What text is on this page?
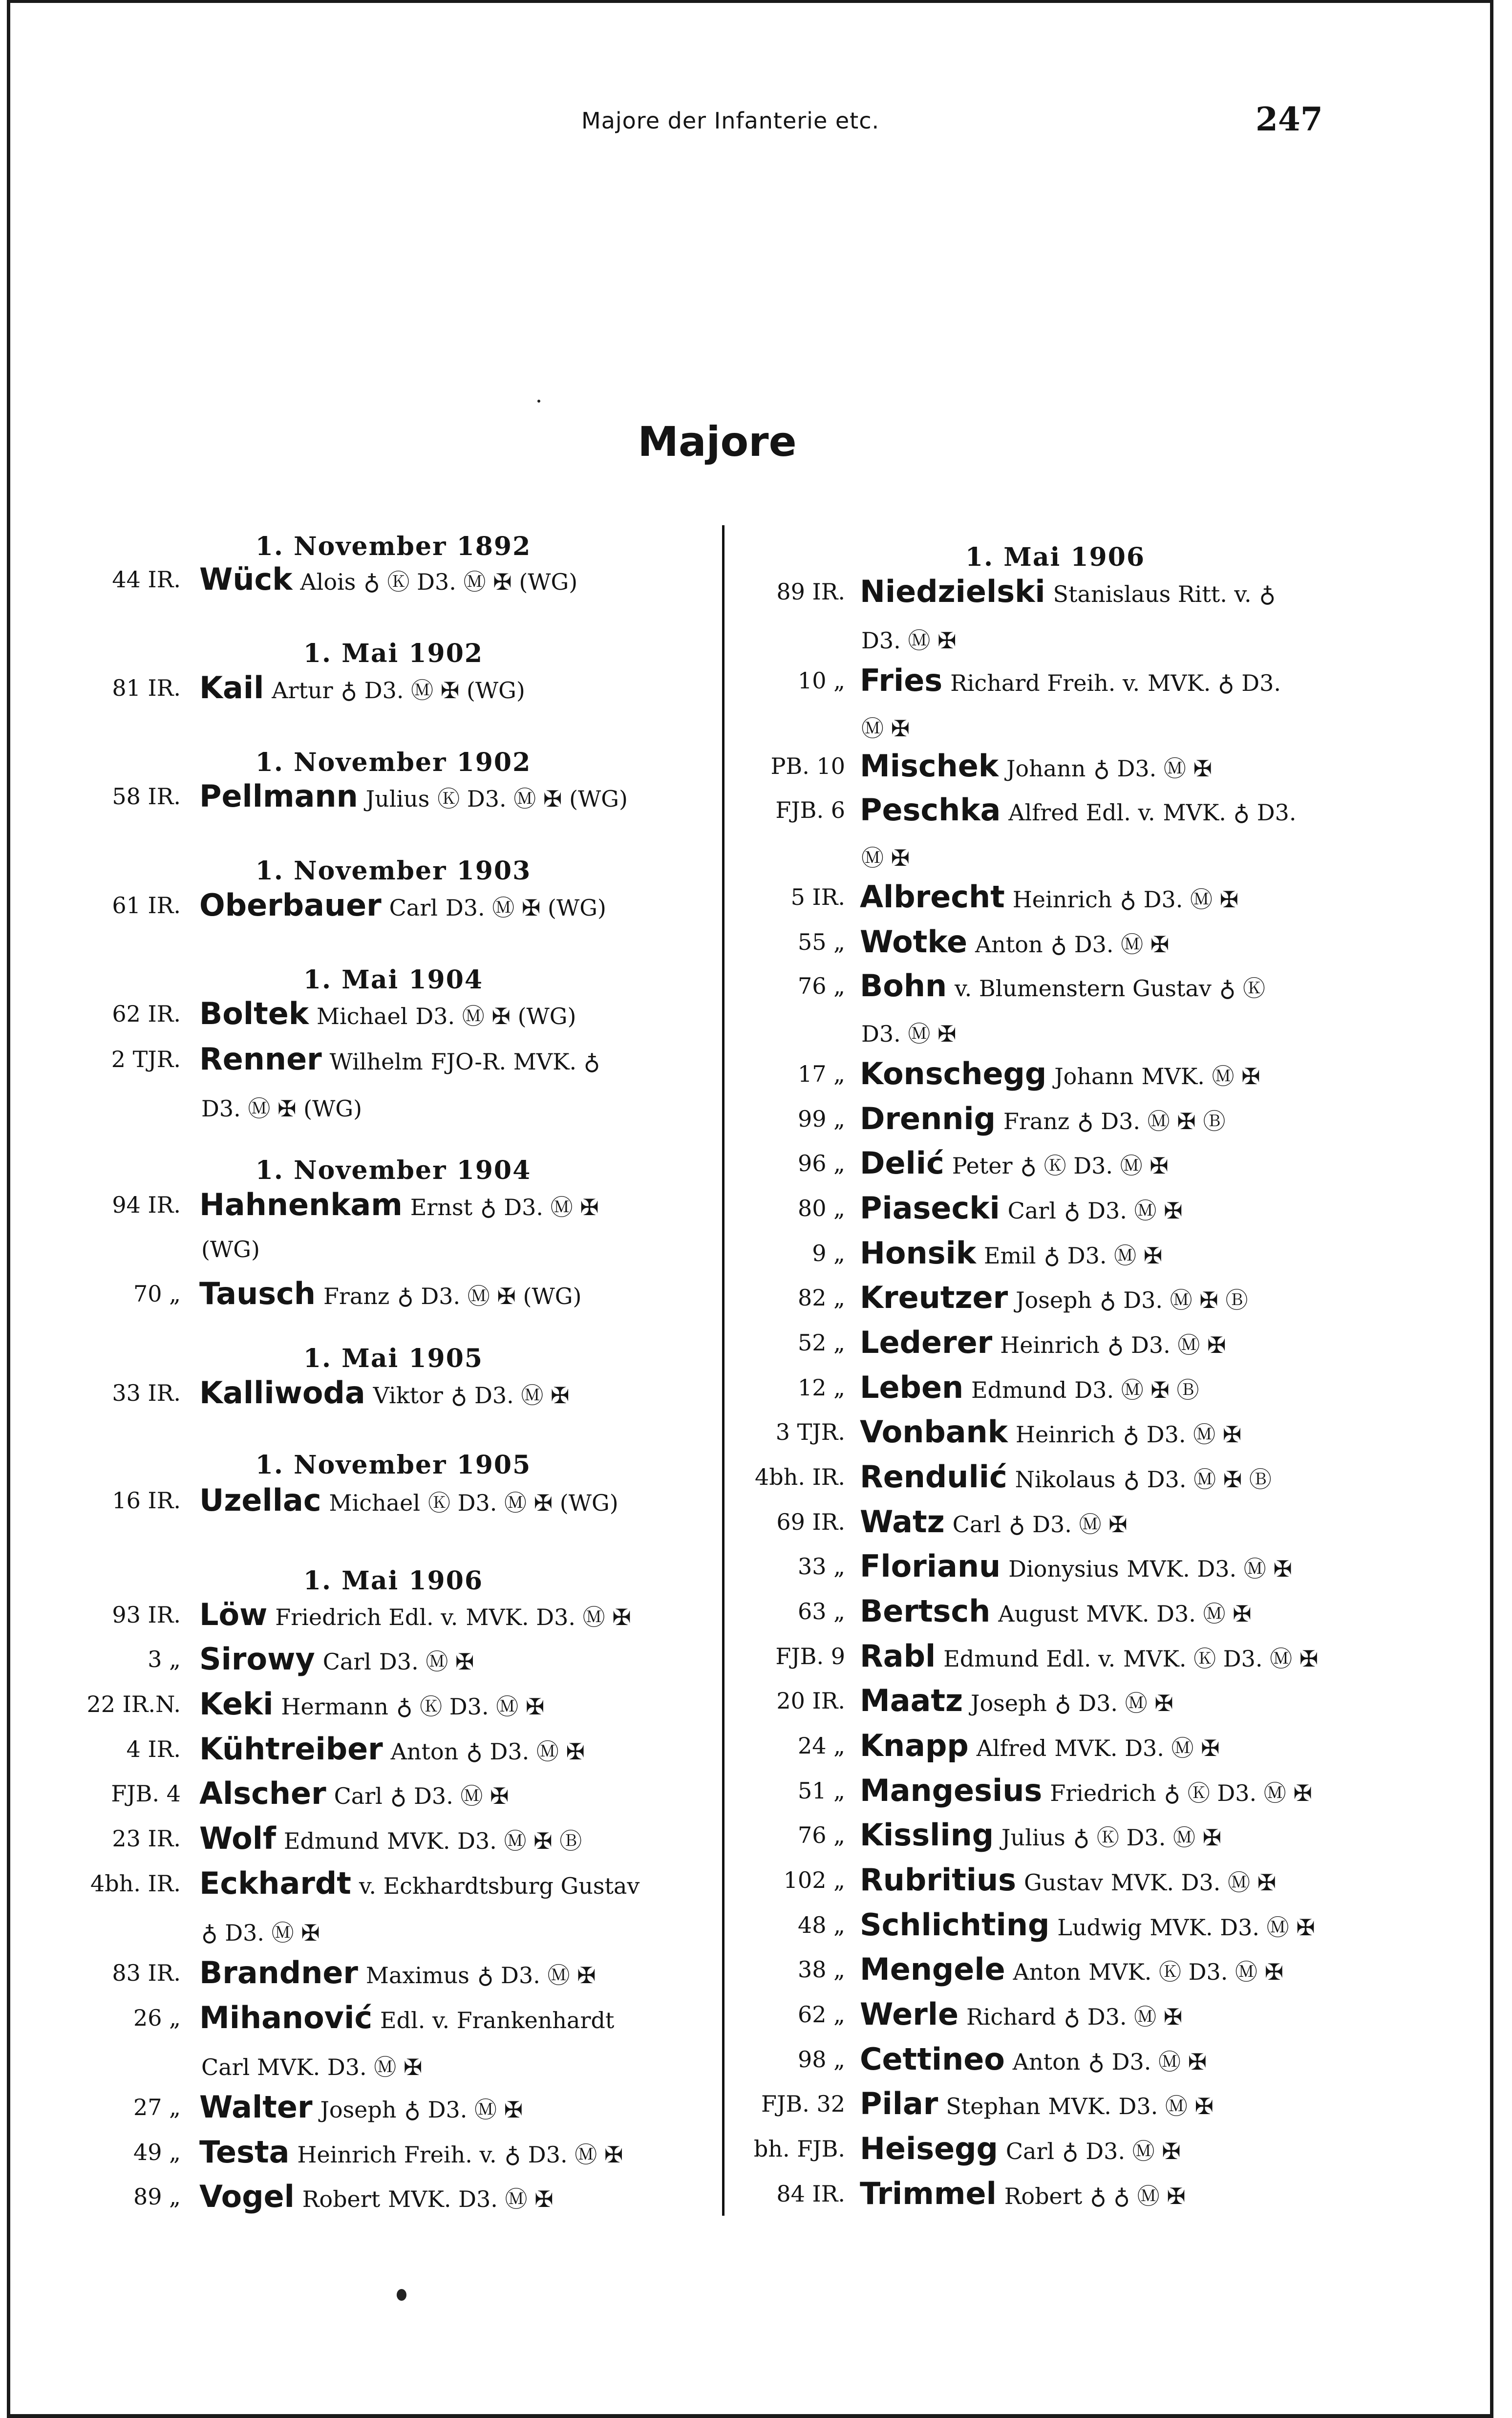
Majore der Infanterie etc.	247
Majore
1. November 1892
44 IR. Wück Alois ♁ Ⓚ D3. Ⓜ ✠ (WG)
1. Mai 1902
81 IR. Kail Artur ♁ D3. Ⓜ ✠ (WG)
1. November 1902
58 IR. Pellmann Julius Ⓚ D3. Ⓜ ✠ (WG)
1. November 1903
61 IR. Oberbauer Carl D3. Ⓜ ✠ (WG)
1. Mai 1904
62 IR. Boltek Michael D3. Ⓜ ✠ (WG)
2 TJR. Renner Wilhelm FJO-R. MVK. ♁
D3. Ⓜ ✠ (WG)
1. November 1904
94 IR. Hahnenkam Ernst ♁ D3. Ⓜ ✠
(WG)
70 „ Tausch Franz ♁ D3. Ⓜ ✠ (WG)
1. Mai 1905
33 IR. Kalliwoda Viktor ♁ D3. Ⓜ ✠
1. November 1905
16 IR. Uzellac Michael Ⓚ D3. Ⓜ ✠ (WG)
1. Mai 1906
93 IR. Löw Friedrich Edl. v. MVK. D3. Ⓜ ✠
3 „ Sirowy Carl D3. Ⓜ ✠
22 IR.N. Keki Hermann ♁ Ⓚ D3. Ⓜ ✠
4 IR. Kühtreiber Anton ♁ D3. Ⓜ ✠
FJB. 4 Alscher Carl ♁ D3. Ⓜ ✠
23 IR. Wolf Edmund MVK. D3. Ⓜ ✠ Ⓑ
4bh. IR. Eckhardt v. Eckhardtsburg Gustav
♁ D3. Ⓜ ✠
83 IR. Brandner Maximus ♁ D3. Ⓜ ✠
26 „ Mihanović Edl. v. Frankenhardt
Carl MVK. D3. Ⓜ ✠
27 „ Walter Joseph ♁ D3. Ⓜ ✠
49 „ Testa Heinrich Freih. v. ♁ D3. Ⓜ ✠
89 „ Vogel Robert MVK. D3. Ⓜ ✠
1. Mai 1906
89 IR. Niedzielski Stanislaus Ritt. v. ♁
D3. Ⓜ ✠
10 „ Fries Richard Freih. v. MVK. ♁ D3.
Ⓜ ✠
PB. 10 Mischek Johann ♁ D3. Ⓜ ✠
FJB. 6 Peschka Alfred Edl. v. MVK. ♁ D3.
Ⓜ ✠
5 IR. Albrecht Heinrich ♁ D3. Ⓜ ✠
55 „ Wotke Anton ♁ D3. Ⓜ ✠
76 „ Bohn v. Blumenstern Gustav ♁ Ⓚ
D3. Ⓜ ✠
17 „ Konschegg Johann MVK. Ⓜ ✠
99 „ Drennig Franz ♁ D3. Ⓜ ✠ Ⓑ
96 „ Delić Peter ♁ Ⓚ D3. Ⓜ ✠
80 „ Piasecki Carl ♁ D3. Ⓜ ✠
9 „ Honsik Emil ♁ D3. Ⓜ ✠
82 „ Kreutzer Joseph ♁ D3. Ⓜ ✠ Ⓑ
52 „ Lederer Heinrich ♁ D3. Ⓜ ✠
12 „ Leben Edmund D3. Ⓜ ✠ Ⓑ
3 TJR. Vonbank Heinrich ♁ D3. Ⓜ ✠
4bh. IR. Rendulić Nikolaus ♁ D3. Ⓜ ✠ Ⓑ
69 IR. Watz Carl ♁ D3. Ⓜ ✠
33 „ Florianu Dionysius MVK. D3. Ⓜ ✠
63 „ Bertsch August MVK. D3. Ⓜ ✠
FJB. 9 Rabl Edmund Edl. v. MVK. Ⓚ D3. Ⓜ ✠
20 IR. Maatz Joseph ♁ D3. Ⓜ ✠
24 „ Knapp Alfred MVK. D3. Ⓜ ✠
51 „ Mangesius Friedrich ♁ Ⓚ D3. Ⓜ ✠
76 „ Kissling Julius ♁ Ⓚ D3. Ⓜ ✠
102 „ Rubritius Gustav MVK. D3. Ⓜ ✠
48 „ Schlichting Ludwig MVK. D3. Ⓜ ✠
38 „ Mengele Anton MVK. Ⓚ D3. Ⓜ ✠
62 „ Werle Richard ♁ D3. Ⓜ ✠
98 „ Cettineo Anton ♁ D3. Ⓜ ✠
FJB. 32 Pilar Stephan MVK. D3. Ⓜ ✠
bh. FJB. Heisegg Carl ♁ D3. Ⓜ ✠
84 IR. Trimmel Robert ♁ ♁ Ⓜ ✠
